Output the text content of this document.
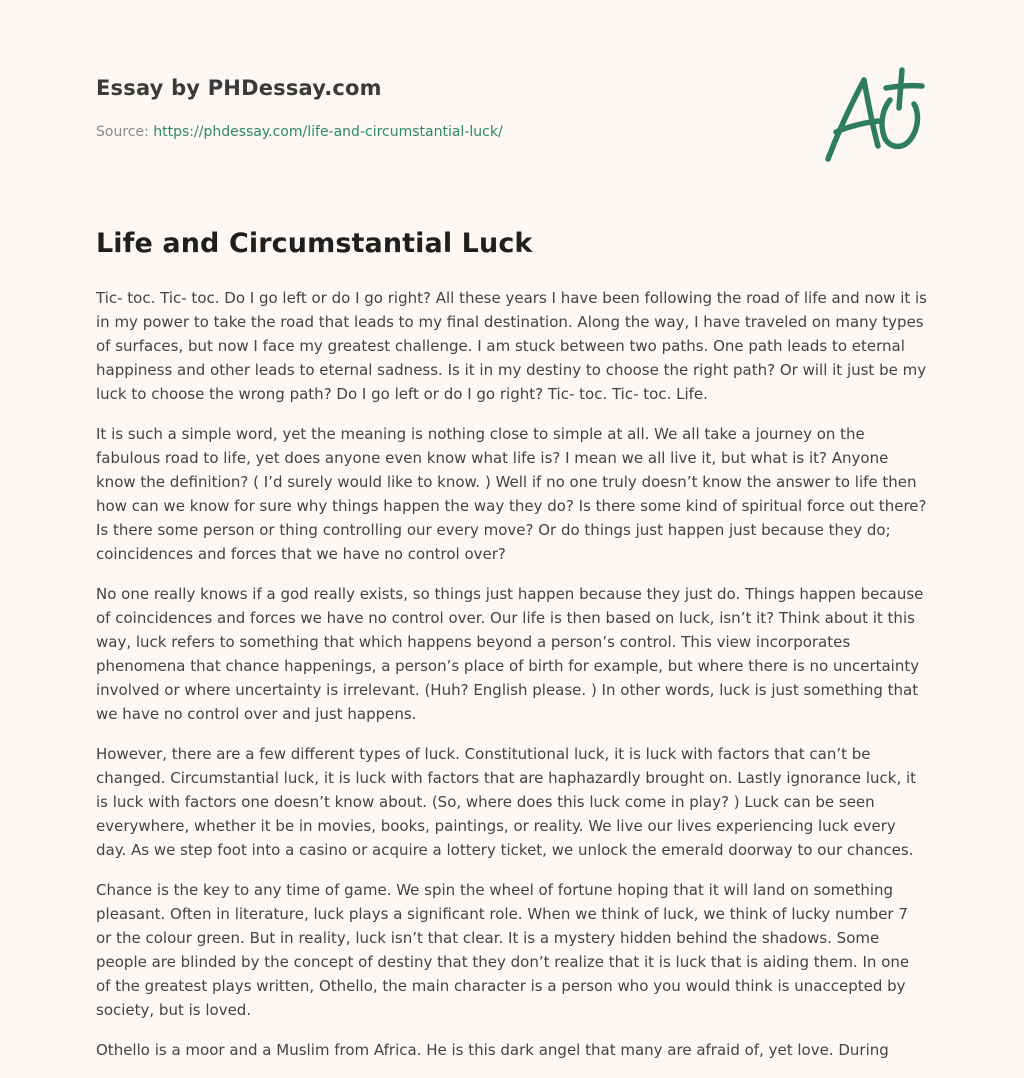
Essay by PHDessay.com
Source: https://phdessay.com/life-and-circumstantial-luck/
Life and Circumstantial Luck

Tic- toc. Tic- toc. Do I go left or do I go right? All these years I have been following the road of life and now it is in my power to take the road that leads to my final destination. Along the way, I have traveled on many types of surfaces, but now I face my greatest challenge. I am stuck between two paths. One path leads to eternal happiness and other leads to eternal sadness. Is it in my destiny to choose the right path? Or will it just be my luck to choose the wrong path? Do I go left or do I go right? Tic- toc. Tic- toc. Life.

It is such a simple word, yet the meaning is nothing close to simple at all. We all take a journey on the fabulous road to life, yet does anyone even know what life is? I mean we all live it, but what is it? Anyone know the definition? ( I’d surely would like to know. ) Well if no one truly doesn’t know the answer to life then how can we know for sure why things happen the way they do? Is there some kind of spiritual force out there? Is there some person or thing controlling our every move? Or do things just happen just because they do; coincidences and forces that we have no control over?

No one really knows if a god really exists, so things just happen because they just do. Things happen because of coincidences and forces we have no control over. Our life is then based on luck, isn’t it? Think about it this way, luck refers to something that which happens beyond a person’s control. This view incorporates phenomena that chance happenings, a person’s place of birth for example, but where there is no uncertainty involved or where uncertainty is irrelevant. (Huh? English please. ) In other words, luck is just something that we have no control over and just happens.

However, there are a few different types of luck. Constitutional luck, it is luck with factors that can’t be changed. Circumstantial luck, it is luck with factors that are haphazardly brought on. Lastly ignorance luck, it is luck with factors one doesn’t know about. (So, where does this luck come in play? ) Luck can be seen everywhere, whether it be in movies, books, paintings, or reality. We live our lives experiencing luck every day. As we step foot into a casino or acquire a lottery ticket, we unlock the emerald doorway to our chances.

Chance is the key to any time of game. We spin the wheel of fortune hoping that it will land on something pleasant. Often in literature, luck plays a significant role. When we think of luck, we think of lucky number 7 or the colour green. But in reality, luck isn’t that clear. It is a mystery hidden behind the shadows. Some people are blinded by the concept of destiny that they don’t realize that it is luck that is aiding them. In one of the greatest plays written, Othello, the main character is a person who you would think is unaccepted by society, but is loved.

Othello is a moor and a Muslim from Africa. He is this dark angel that many are afraid of, yet love. During
